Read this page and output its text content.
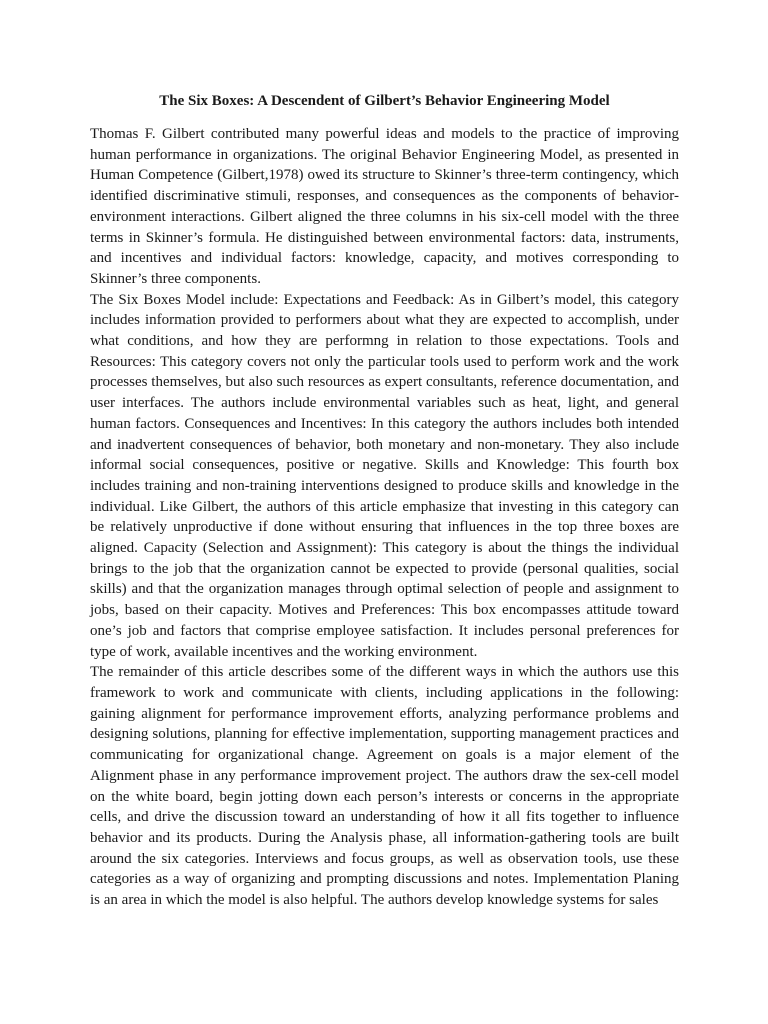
The Six Boxes: A Descendent of Gilbert’s Behavior Engineering Model

Thomas F. Gilbert contributed many powerful ideas and models to the practice of improving human performance in organizations. The original Behavior Engineering Model, as presented in Human Competence (Gilbert,1978) owed its structure to Skinner’s three-term contingency, which identified discriminative stimuli, responses, and consequences as the components of behavior-environment interactions. Gilbert aligned the three columns in his six-cell model with the three terms in Skinner’s formula. He distinguished between environmental factors: data, instruments, and incentives and individual factors: knowledge, capacity, and motives corresponding to Skinner’s three components.

The Six Boxes Model include: Expectations and Feedback: As in Gilbert’s model, this category includes information provided to performers about what they are expected to accomplish, under what conditions, and how they are performng in relation to those expectations. Tools and Resources: This category covers not only the particular tools used to perform work and the work processes themselves, but also such resources as expert consultants, reference documentation, and user interfaces. The authors include environmental variables such as heat, light, and general human factors. Consequences and Incentives: In this category the authors includes both intended and inadvertent consequences of behavior, both monetary and non-monetary. They also include informal social consequences, positive or negative. Skills and Knowledge: This fourth box includes training and non-training interventions designed to produce skills and knowledge in the individual. Like Gilbert, the authors of this article emphasize that investing in this category can be relatively unproductive if done without ensuring that influences in the top three boxes are aligned. Capacity (Selection and Assignment): This category is about the things the individual brings to the job that the organization cannot be expected to provide (personal qualities, social skills) and that the organization manages through optimal selection of people and assignment to jobs, based on their capacity. Motives and Preferences: This box encompasses attitude toward one’s job and factors that comprise employee satisfaction. It includes personal preferences for type of work, available incentives and the working environment.

The remainder of this article describes some of the different ways in which the authors use this framework to work and communicate with clients, including applications in the following: gaining alignment for performance improvement efforts, analyzing performance problems and designing solutions, planning for effective implementation, supporting management practices and communicating for organizational change. Agreement on goals is a major element of the Alignment phase in any performance improvement project. The authors draw the sex-cell model on the white board, begin jotting down each person’s interests or concerns in the appropriate cells, and drive the discussion toward an understanding of how it all fits together to influence behavior and its products. During the Analysis phase, all information-gathering tools are built around the six categories. Interviews and focus groups, as well as observation tools, use these categories as a way of organizing and prompting discussions and notes. Implementation Planing is an area in which the model is also helpful. The authors develop knowledge systems for sales
